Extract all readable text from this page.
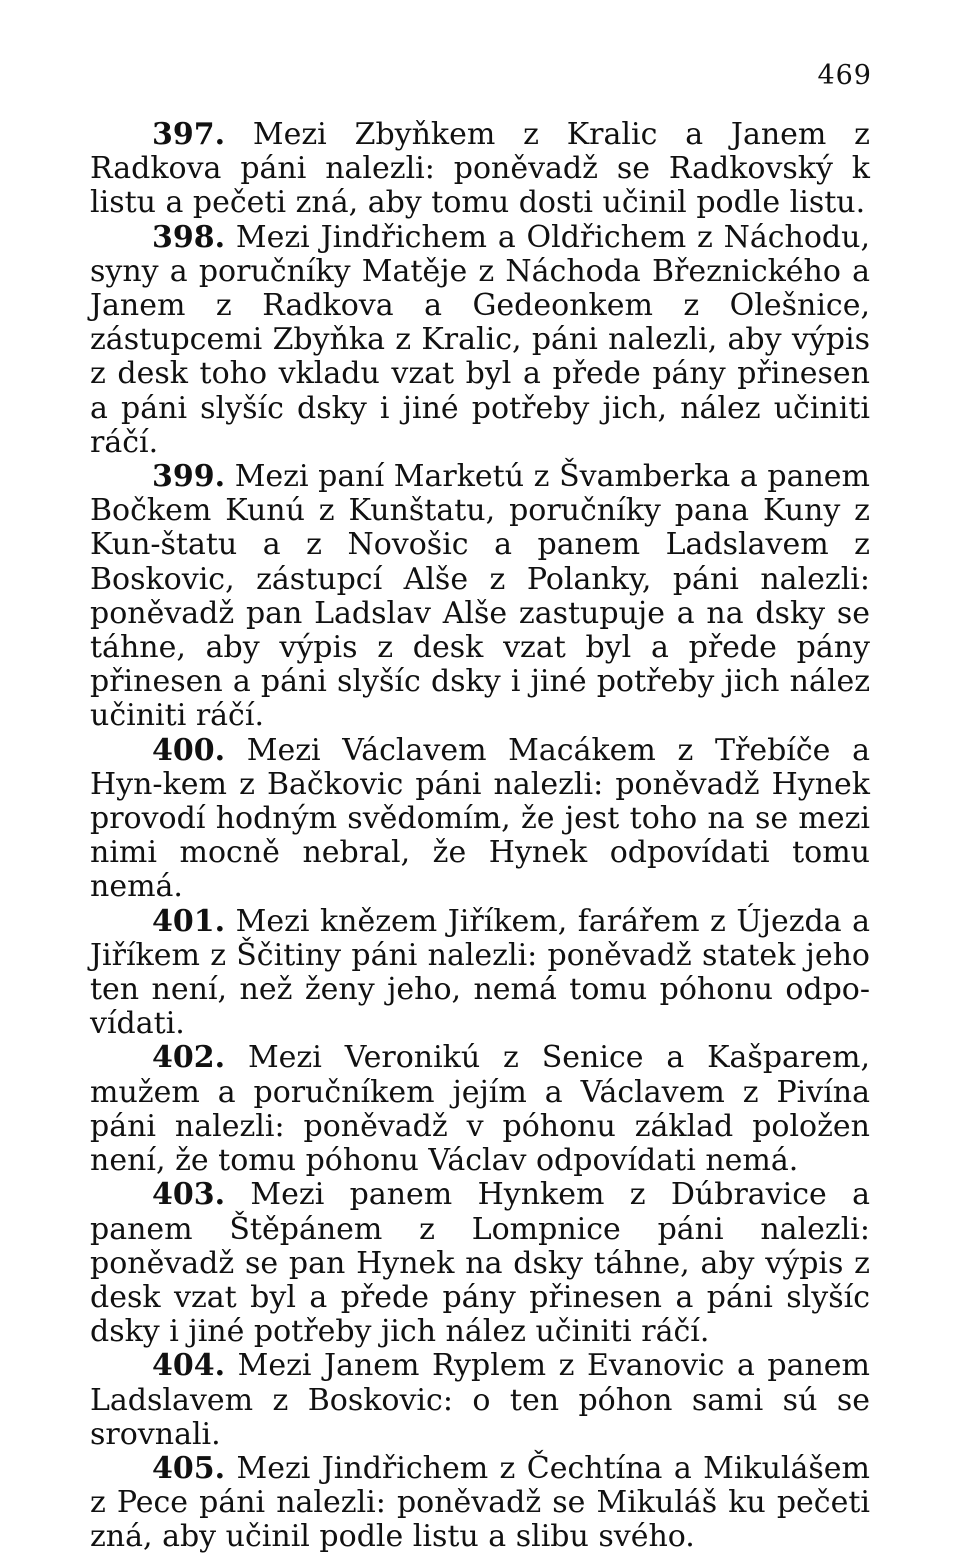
469

397. Mezi Zbyňkem z Kralic a Janem z Radkova páni nalezli: poněvadž se Radkovský k listu a pečeti zná, aby tomu dosti učinil podle listu.

398. Mezi Jindřichem a Oldřichem z Náchodu, syny a poručníky Matěje z Náchoda Březnického a Janem z Radkova a Gedeonkem z Olešnice, zástupcemi Zbyňka z Kralic, páni nalezli, aby výpis z desk toho vkladu vzat byl a přede pány přinesen a páni slyšíc dsky i jiné potřeby jich, nález učiniti ráčí.

399. Mezi paní Marketú z Švamberka a panem Bočkem Kunú z Kunštatu, poručníky pana Kuny z Kun-štatu a z Novošic a panem Ladslavem z Boskovic, zástupcí Alše z Polanky, páni nalezli: poněvadž pan Ladslav Alše zastupuje a na dsky se táhne, aby výpis z desk vzat byl a přede pány přinesen a páni slyšíc dsky i jiné potřeby jich nález učiniti ráčí.

400. Mezi Václavem Macákem z Třebíče a Hyn-kem z Bačkovic páni nalezli: poněvadž Hynek provodí hodným svědomím, že jest toho na se mezi nimi mocně nebral, že Hynek odpovídati tomu nemá.

401. Mezi knězem Jiříkem, farářem z Újezda a Jiříkem z Ščitiny páni nalezli: poněvadž statek jeho ten není, než ženy jeho, nemá tomu póhonu odpo-vídati.

402. Mezi Veronikú z Senice a Kašparem, mužem a poručníkem jejím a Václavem z Pivína páni nalezli: poněvadž v póhonu základ položen není, že tomu póhonu Václav odpovídati nemá.

403. Mezi panem Hynkem z Dúbravice a panem Štěpánem z Lompnice páni nalezli: poněvadž se pan Hynek na dsky táhne, aby výpis z desk vzat byl a přede pány přinesen a páni slyšíc dsky i jiné potřeby jich nález učiniti ráčí.

404. Mezi Janem Ryplem z Evanovic a panem Ladslavem z Boskovic: o ten póhon sami sú se srovnali.

405. Mezi Jindřichem z Čechtína a Mikulášem z Pece páni nalezli: poněvadž se Mikuláš ku pečeti zná, aby učinil podle listu a slibu svého.
